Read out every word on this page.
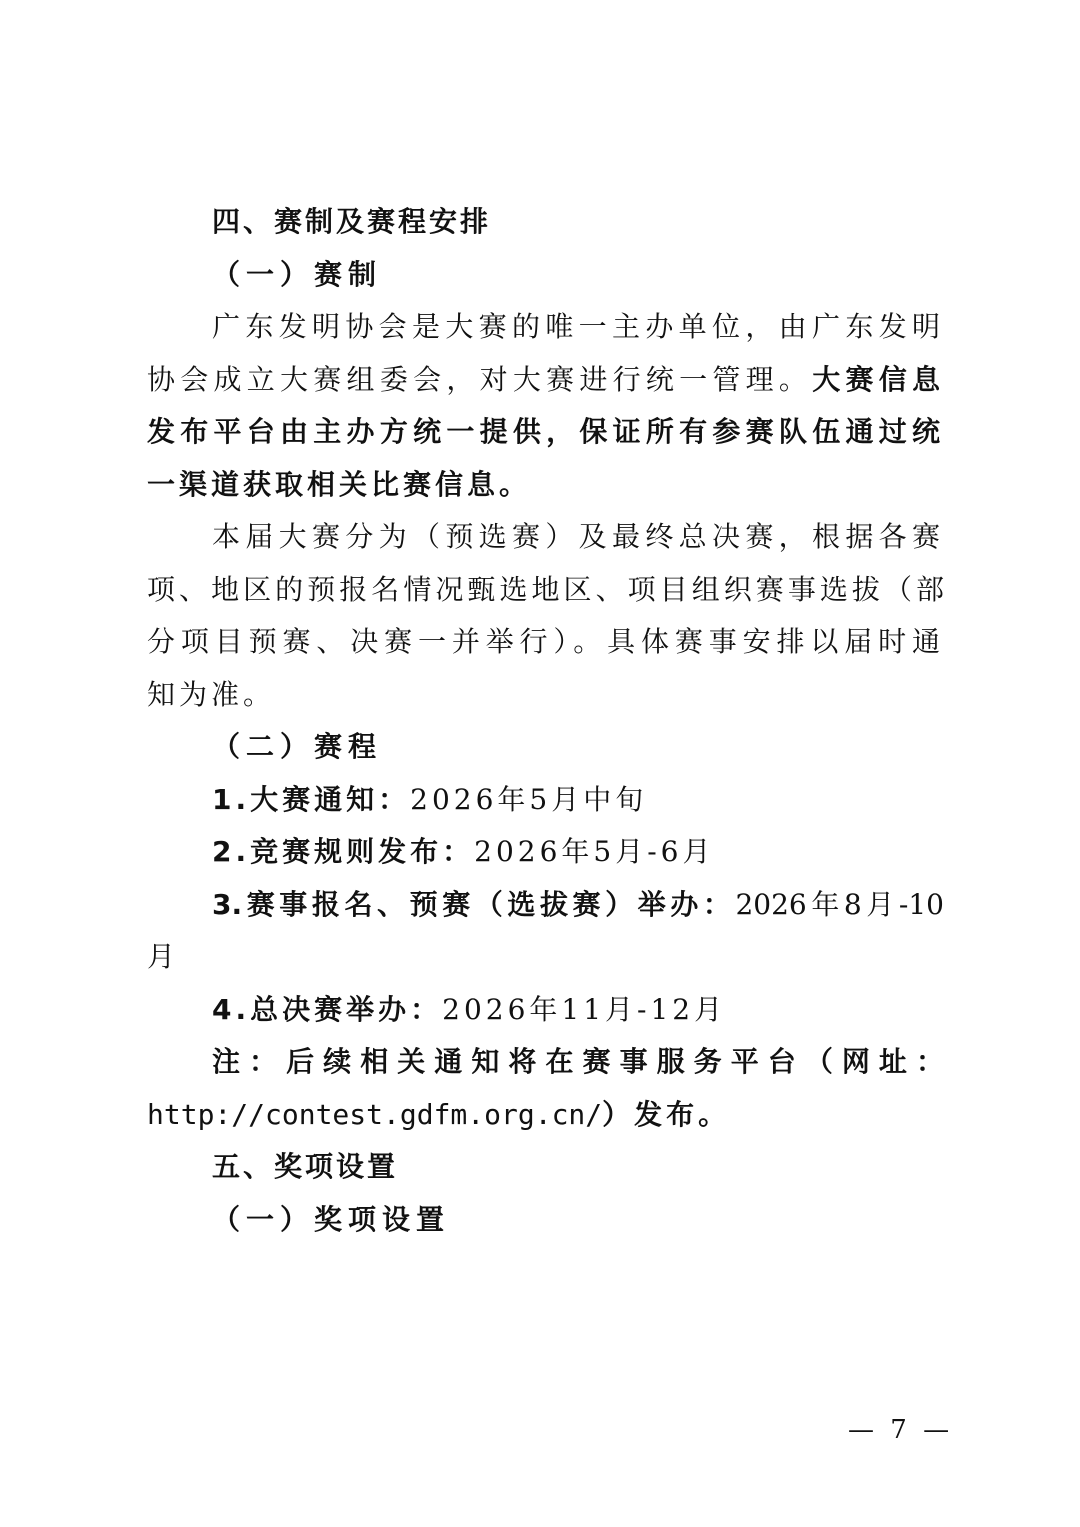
四、赛制及赛程安排
（一）赛制
广东发明协会是大赛的唯一主办单位，由广东发明
协会成立大赛组委会，对大赛进行统一管理。大赛信息
发布平台由主办方统一提供，保证所有参赛队伍通过统
一渠道获取相关比赛信息。
本届大赛分为（预选赛）及最终总决赛，根据各赛
项、地区的预报名情况甄选地区、项目组织赛事选拔（部
分项目预赛、决赛一并举行）。具体赛事安排以届时通
知为准。
（二）赛程
1.大赛通知：2026年5月中旬
2.竞赛规则发布：2026年5月-6月
3.赛事报名、预赛（选拔赛）举办：2026年8月-10
月
4.总决赛举办：2026年11月-12月
注：后续相关通知将在赛事服务平台（网址：
http://contest.gdfm.org.cn/）发布。
五、奖项设置
（一）奖项设置
— 7 —
